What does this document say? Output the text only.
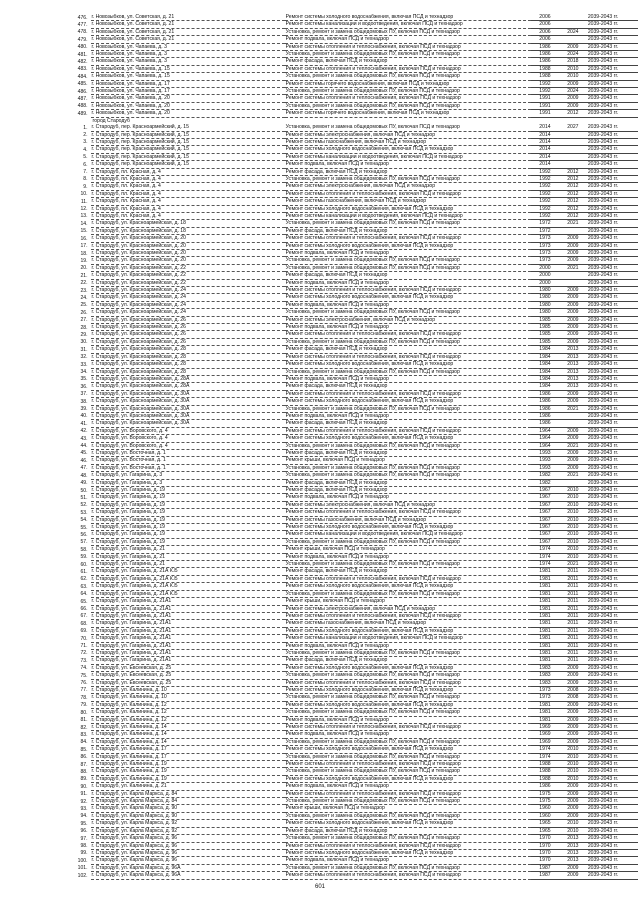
476.	г. Новозыбков, ул. Советская, д. 21	Ремонт системы холодного водоснабжения, включая ПСД и технадзор	2006		2039-2043 гг.
477.	г. Новозыбков, ул. Советская, д. 21	Ремонт системы канализации и водоотведения, включая ПСД и технадзор	2006		2039-2043 гг.
478.	г. Новозыбков, ул. Советская, д. 21	Установка, ремонт и замена общедомовых ПУ, включая ПСД и технадзор	2006	2024	2039-2043 гг.
479.	г. Новозыбков, ул. Советская, д. 21	Ремонт подвала, включая ПСД и технадзор	2006		2039-2043 гг.
480.	г. Новозыбков, ул. Чапаева, д. 3	Ремонт системы отопления и теплоснабжения, включая ПСД и технадзор	1986	2009	2039-2043 гг.
481.	г. Новозыбков, ул. Чапаева, д. 3	Установка, ремонт и замена общедомовых ПУ, включая ПСД и технадзор	1986	2024	2039-2043 гг.
482.	г. Новозыбков, ул. Чапаева, д. 3	Ремонт фасада, включая ПСД и технадзор	1986	2018	2039-2043 гг.
483.	г. Новозыбков, ул. Чапаева, д. 15	Ремонт системы отопления и теплоснабжения, включая ПСД и технадзор	1988	2010	2039-2043 гг.
484.	г. Новозыбков, ул. Чапаева, д. 15	Установка, ремонт и замена общедомовых ПУ, включая ПСД и технадзор	1988	2010	2039-2043 гг.
485.	г. Новозыбков, ул. Чапаева, д. 17	Ремонт системы горячего водоснабжения, включая ПСД и технадзор	1992	2009	2039-2043 гг.
486.	г. Новозыбков, ул. Чапаева, д. 17	Установка, ремонт и замена общедомовых ПУ, включая ПСД и технадзор	1992	2024	2039-2043 гг.
487.	г. Новозыбков, ул. Чапаева, д. 20	Ремонт системы отопления и теплоснабжения, включая ПСД и технадзор	1991	2009	2039-2043 гг.
488.	г. Новозыбков, ул. Чапаева, д. 20	Установка, ремонт и замена общедомовых ПУ, включая ПСД и технадзор	1991	2009	2039-2043 гг.
489.	г. Новозыбков, ул. Чапаева, д. 20	Ремонт системы горячего водоснабжения, включая ПСД и технадзор	1991	2012	2039-2043 гг.
	город Стародуб				
1.	г. Стародуб, пер. Красноармейский, д. 15	Установка, ремонт и замена общедомовых ПУ, включая ПСД и технадзор	2014	2027	2039-2043 гг.
2.	г. Стародуб, пер. Красноармейский, д. 15	Ремонт системы электроснабжения, включая ПСД и технадзор	2014		2039-2043 гг.
3.	г. Стародуб, пер. Красноармейский, д. 15	Ремонт системы газоснабжения, включая ПСД и технадзор	2014		2039-2043 гг.
4.	г. Стародуб, пер. Красноармейский, д. 15	Ремонт системы холодного водоснабжения, включая ПСД и технадзор	2014		2039-2043 гг.
5.	г. Стародуб, пер. Красноармейский, д. 15	Ремонт системы канализации и водоотведения, включая ПСД и технадзор	2014		2039-2043 гг.
6.	г. Стародуб, пер. Красноармейский, д. 15	Ремонт подвала, включая ПСД и технадзор	2014		2039-2043 гг.
7.	г. Стародуб, пл. Красная, д. 4	Ремонт фасада, включая ПСД и технадзор	1992	2012	2039-2043 гг.
8.	г. Стародуб, пл. Красная, д. 4	Установка, ремонт и замена общедомовых ПУ, включая ПСД и технадзор	1992	2012	2039-2043 гг.
9.	г. Стародуб, пл. Красная, д. 4	Ремонт системы электроснабжения, включая ПСД и технадзор	1992	2012	2039-2043 гг.
10.	г. Стародуб, пл. Красная, д. 4	Ремонт системы отопления и теплоснабжения, включая ПСД и технадзор	1992	2012	2039-2043 гг.
11.	г. Стародуб, пл. Красная, д. 4	Ремонт системы газоснабжения, включая ПСД и технадзор	1992	2012	2039-2043 гг.
12.	г. Стародуб, пл. Красная, д. 4	Ремонт системы холодного водоснабжения, включая ПСД и технадзор	1992	2012	2039-2043 гг.
13.	г. Стародуб, пл. Красная, д. 4	Ремонт системы канализации и водоотведения, включая ПСД и технадзор	1992	2012	2039-2043 гг.
14.	г. Стародуб, ул. Красноармейская, д. 18	Установка, ремонт и замена общедомовых ПУ, включая ПСД и технадзор	1972	2021	2039-2043 гг.
15.	г. Стародуб, ул. Красноармейская, д. 18	Ремонт фасада, включая ПСД и технадзор	1972		2039-2043 гг.
16.	г. Стародуб, ул. Красноармейская, д. 20	Ремонт системы отопления и теплоснабжения, включая ПСД и технадзор	1973	2009	2039-2043 гг.
17.	г. Стародуб, ул. Красноармейская, д. 20	Ремонт системы холодного водоснабжения, включая ПСД и технадзор	1973	2009	2039-2043 гг.
18.	г. Стародуб, ул. Красноармейская, д. 20	Ремонт подвала, включая ПСД и технадзор	1973	2009	2039-2043 гг.
19.	г. Стародуб, ул. Красноармейская, д. 20	Установка, ремонт и замена общедомовых ПУ, включая ПСД и технадзор	1973	2009	2039-2043 гг.
20.	г. Стародуб, ул. Красноармейская, д. 22	Установка, ремонт и замена общедомовых ПУ, включая ПСД и технадзор	2000	2021	2039-2043 гг.
21.	г. Стародуб, ул. Красноармейская, д. 22	Ремонт фасада, включая ПСД и технадзор	2000		2039-2043 гг.
22.	г. Стародуб, ул. Красноармейская, д. 22	Ремонт подвала, включая ПСД и технадзор	2000		2039-2043 гг.
23.	г. Стародуб, ул. Красноармейская, д. 24	Ремонт системы отопления и теплоснабжения, включая ПСД и технадзор	1980	2009	2039-2043 гг.
24.	г. Стародуб, ул. Красноармейская, д. 24	Ремонт системы холодного водоснабжения, включая ПСД и технадзор	1980	2009	2039-2043 гг.
25.	г. Стародуб, ул. Красноармейская, д. 24	Ремонт подвала, включая ПСД и технадзор	1980	2009	2039-2043 гг.
26.	г. Стародуб, ул. Красноармейская, д. 24	Установка, ремонт и замена общедомовых ПУ, включая ПСД и технадзор	1980	2009	2039-2043 гг.
27.	г. Стародуб, ул. Красноармейская, д. 26	Ремонт системы электроснабжения, включая ПСД и технадзор	1985	2009	2039-2043 гг.
28.	г. Стародуб, ул. Красноармейская, д. 26	Ремонт подвала, включая ПСД и технадзор	1985	2009	2039-2043 гг.
29.	г. Стародуб, ул. Красноармейская, д. 26	Ремонт системы отопления и теплоснабжения, включая ПСД и технадзор	1985	2009	2039-2043 гг.
30.	г. Стародуб, ул. Красноармейская, д. 26	Установка, ремонт и замена общедомовых ПУ, включая ПСД и технадзор	1985	2009	2039-2043 гг.
31.	г. Стародуб, ул. Красноармейская, д. 28	Ремонт фасада, включая ПСД и технадзор	1984	2013	2039-2043 гг.
32.	г. Стародуб, ул. Красноармейская, д. 28	Ремонт системы отопления и теплоснабжения, включая ПСД и технадзор	1984	2013	2039-2043 гг.
33.	г. Стародуб, ул. Красноармейская, д. 28	Ремонт системы холодного водоснабжения, включая ПСД и технадзор	1984	2013	2039-2043 гг.
34.	г. Стародуб, ул. Красноармейская, д. 28	Установка, ремонт и замена общедомовых ПУ, включая ПСД и технадзор	1984	2013	2039-2043 гг.
35.	г. Стародуб, ул. Красноармейская, д. 28А	Ремонт подвала, включая ПСД и технадзор	1984	2013	2039-2043 гг.
36.	г. Стародуб, ул. Красноармейская, д. 28А	Ремонт фасада, включая ПСД и технадзор	1984	2013	2039-2043 гг.
37.	г. Стародуб, ул. Красноармейская, д. 30А	Ремонт системы отопления и теплоснабжения, включая ПСД и технадзор	1986	2009	2039-2043 гг.
38.	г. Стародуб, ул. Красноармейская, д. 30А	Ремонт системы холодного водоснабжения, включая ПСД и технадзор	1986	2009	2039-2043 гг.
39.	г. Стародуб, ул. Красноармейская, д. 30А	Установка, ремонт и замена общедомовых ПУ, включая ПСД и технадзор	1986	2021	2039-2043 гг.
40.	г. Стародуб, ул. Красноармейская, д. 30А	Ремонт подвала, включая ПСД и технадзор	1986		2039-2043 гг.
41.	г. Стародуб, ул. Красноармейская, д. 30А	Ремонт фасада, включая ПСД и технадзор	1986		2039-2043 гг.
42.	г. Стародуб, ул. Воровского, д. 4	Ремонт системы отопления и теплоснабжения, включая ПСД и технадзор	1964	2009	2039-2043 гг.
43.	г. Стародуб, ул. Воровского, д. 4	Ремонт системы холодного водоснабжения, включая ПСД и технадзор	1964	2009	2039-2043 гг.
44.	г. Стародуб, ул. Воровского, д. 4	Установка, ремонт и замена общедомовых ПУ, включая ПСД и технадзор	1964	2021	2039-2043 гг.
45.	г. Стародуб, ул. Восточная, д. 1	Ремонт фасада, включая ПСД и технадзор	1993	2009	2039-2043 гг.
46.	г. Стародуб, ул. Восточная, д. 1	Ремонт крыши, включая ПСД и технадзор	1993	2009	2039-2043 гг.
47.	г. Стародуб, ул. Восточная, д. 1	Установка, ремонт и замена общедомовых ПУ, включая ПСД и технадзор	1993	2009	2039-2043 гг.
48.	г. Стародуб, ул. Гагарина, д. 3	Установка, ремонт и замена общедомовых ПУ, включая ПСД и технадзор	1982	2021	2039-2043 гг.
49.	г. Стародуб, ул. Гагарина, д. 3	Ремонт фасада, включая ПСД и технадзор	1982		2039-2043 гг.
50.	г. Стародуб, ул. Гагарина, д. 19	Ремонт фасада, включая ПСД и технадзор	1967	2010	2039-2043 гг.
51.	г. Стародуб, ул. Гагарина, д. 19	Ремонт подвала, включая ПСД и технадзор	1967	2010	2039-2043 гг.
52.	г. Стародуб, ул. Гагарина, д. 19	Ремонт системы электроснабжения, включая ПСД и технадзор	1967	2010	2039-2043 гг.
53.	г. Стародуб, ул. Гагарина, д. 19	Ремонт системы отопления и теплоснабжения, включая ПСД и технадзор	1967	2010	2039-2043 гг.
54.	г. Стародуб, ул. Гагарина, д. 19	Ремонт системы газоснабжения, включая ПСД и технадзор	1967	2010	2039-2043 гг.
55.	г. Стародуб, ул. Гагарина, д. 19	Ремонт системы холодного водоснабжения, включая ПСД и технадзор	1967	2010	2039-2043 гг.
56.	г. Стародуб, ул. Гагарина, д. 19	Ремонт системы канализации и водоотведения, включая ПСД и технадзор	1967	2010	2039-2043 гг.
57.	г. Стародуб, ул. Гагарина, д. 19	Установка, ремонт и замена общедомовых ПУ, включая ПСД и технадзор	1967	2010	2039-2043 гг.
58.	г. Стародуб, ул. Гагарина, д. 21	Ремонт крыши, включая ПСД и технадзор	1974	2010	2039-2043 гг.
59.	г. Стародуб, ул. Гагарина, д. 21	Ремонт подвала, включая ПСД и технадзор	1974	2010	2039-2043 гг.
60.	г. Стародуб, ул. Гагарина, д. 21	Установка, ремонт и замена общедомовых ПУ, включая ПСД и технадзор	1974	2021	2039-2043 гг.
61.	г. Стародуб, ул. Гагарина, д. 21А К.Б	Ремонт фасада, включая ПСД и технадзор	1981	2011	2039-2043 гг.
62.	г. Стародуб, ул. Гагарина, д. 21А К.Б	Ремонт системы отопления и теплоснабжения, включая ПСД и технадзор	1981	2011	2039-2043 гг.
63.	г. Стародуб, ул. Гагарина, д. 21А К.Б	Ремонт системы холодного водоснабжения, включая ПСД и технадзор	1981	2011	2039-2043 гг.
64.	г. Стародуб, ул. Гагарина, д. 21А К.Б	Установка, ремонт и замена общедомовых ПУ, включая ПСД и технадзор	1981	2011	2039-2043 гг.
65.	г. Стародуб, ул. Гагарина, д. 21А1	Ремонт крыши, включая ПСД и технадзор	1981	2011	2039-2043 гг.
66.	г. Стародуб, ул. Гагарина, д. 21А1	Ремонт системы электроснабжения, включая ПСД и технадзор	1981	2011	2039-2043 гг.
67.	г. Стародуб, ул. Гагарина, д. 21А1	Ремонт системы отопления и теплоснабжения, включая ПСД и технадзор	1981	2011	2039-2043 гг.
68.	г. Стародуб, ул. Гагарина, д. 21А1	Ремонт системы газоснабжения, включая ПСД и технадзор	1981	2011	2039-2043 гг.
69.	г. Стародуб, ул. Гагарина, д. 21А1	Ремонт системы холодного водоснабжения, включая ПСД и технадзор	1981	2011	2039-2043 гг.
70.	г. Стародуб, ул. Гагарина, д. 21А1	Ремонт системы канализации и водоотведения, включая ПСД и технадзор	1981	2011	2039-2043 гг.
71.	г. Стародуб, ул. Гагарина, д. 21А1	Ремонт подвала, включая ПСД и технадзор	1981	2011	2039-2043 гг.
72.	г. Стародуб, ул. Гагарина, д. 21А1	Установка, ремонт и замена общедомовых ПУ, включая ПСД и технадзор	1981	2011	2039-2043 гг.
73.	г. Стародуб, ул. Гагарина, д. 21А1	Ремонт фасада, включая ПСД и технадзор	1981	2011	2039-2043 гг.
74.	г. Стародуб, ул. Евсеевская, д. 25	Ремонт системы холодного водоснабжения, включая ПСД и технадзор	1983	2009	2039-2043 гг.
75.	г. Стародуб, ул. Евсеевская, д. 25	Установка, ремонт и замена общедомовых ПУ, включая ПСД и технадзор	1983	2009	2039-2043 гг.
76.	г. Стародуб, ул. Евсеевская, д. 25	Ремонт системы отопления и теплоснабжения, включая ПСД и технадзор	1983	2009	2039-2043 гг.
77.	г. Стародуб, ул. Калинина, д. 10	Ремонт системы холодного водоснабжения, включая ПСД и технадзор	1973	2008	2039-2043 гг.
78.	г. Стародуб, ул. Калинина, д. 10	Установка, ремонт и замена общедомовых ПУ, включая ПСД и технадзор	1973	2008	2039-2043 гг.
79.	г. Стародуб, ул. Калинина, д. 12	Ремонт системы холодного водоснабжения, включая ПСД и технадзор	1981	2009	2039-2043 гг.
80.	г. Стародуб, ул. Калинина, д. 12	Установка, ремонт и замена общедомовых ПУ, включая ПСД и технадзор	1981	2009	2039-2043 гг.
81.	г. Стародуб, ул. Калинина, д. 12	Ремонт подвала, включая ПСД и технадзор	1981	2009	2039-2043 гг.
82.	г. Стародуб, ул. Калинина, д. 14	Ремонт системы отопления и теплоснабжения, включая ПСД и технадзор	1969	2009	2039-2043 гг.
83.	г. Стародуб, ул. Калинина, д. 14	Ремонт подвала, включая ПСД и технадзор	1969	2009	2039-2043 гг.
84.	г. Стародуб, ул. Калинина, д. 14	Установка, ремонт и замена общедомовых ПУ, включая ПСД и технадзор	1969	2009	2039-2043 гг.
85.	г. Стародуб, ул. Калинина, д. 17	Ремонт системы холодного водоснабжения, включая ПСД и технадзор	1974	2010	2039-2043 гг.
86.	г. Стародуб, ул. Калинина, д. 17	Установка, ремонт и замена общедомовых ПУ, включая ПСД и технадзор	1974	2010	2039-2043 гг.
87.	г. Стародуб, ул. Калинина, д. 19	Ремонт системы отопления и теплоснабжения, включая ПСД и технадзор	1988	2010	2039-2043 гг.
88.	г. Стародуб, ул. Калинина, д. 19	Установка, ремонт и замена общедомовых ПУ, включая ПСД и технадзор	1988	2010	2039-2043 гг.
89.	г. Стародуб, ул. Калинина, д. 19	Ремонт системы холодного водоснабжения, включая ПСД и технадзор	1988	2010	2039-2043 гг.
90.	г. Стародуб, ул. Калинина, д. 21	Ремонт подвала, включая ПСД и технадзор	1986	2009	2039-2043 гг.
91.	г. Стародуб, ул. Карла Маркса, д. 84	Ремонт системы отопления и теплоснабжения, включая ПСД и технадзор	1975	2009	2039-2043 гг.
92.	г. Стародуб, ул. Карла Маркса, д. 84	Установка, ремонт и замена общедомовых ПУ, включая ПСД и технадзор	1975	2009	2039-2043 гг.
93.	г. Стародуб, ул. Карла Маркса, д. 90	Ремонт крыши, включая ПСД и технадзор	1960	2009	2039-2043 гг.
94.	г. Стародуб, ул. Карла Маркса, д. 90	Установка, ремонт и замена общедомовых ПУ, включая ПСД и технадзор	1960	2009	2039-2043 гг.
95.	г. Стародуб, ул. Карла Маркса, д. 92	Ремонт системы холодного водоснабжения, включая ПСД и технадзор	1965	2010	2039-2043 гг.
96.	г. Стародуб, ул. Карла Маркса, д. 92	Ремонт фасада, включая ПСД и технадзор	1965	2010	2039-2043 гг.
97.	г. Стародуб, ул. Карла Маркса, д. 96	Установка, ремонт и замена общедомовых ПУ, включая ПСД и технадзор	1970	2013	2039-2043 гг.
98.	г. Стародуб, ул. Карла Маркса, д. 96	Ремонт системы отопления и теплоснабжения, включая ПСД и технадзор	1970	2013	2039-2043 гг.
99.	г. Стародуб, ул. Карла Маркса, д. 96	Ремонт системы холодного водоснабжения, включая ПСД и технадзор	1970	2013	2039-2043 гг.
100.	г. Стародуб, ул. Карла Маркса, д. 96	Ремонт подвала, включая ПСД и технадзор	1970	2013	2039-2043 гг.
101.	г. Стародуб, ул. Карла Маркса, д. 96А	Установка, ремонт и замена общедомовых ПУ, включая ПСД и технадзор	1987	2009	2039-2043 гг.
102.	г. Стародуб, ул. Карла Маркса, д. 96А	Ремонт системы отопления и теплоснабжения, включая ПСД и технадзор	1987	2009	2039-2043 гг.
601
